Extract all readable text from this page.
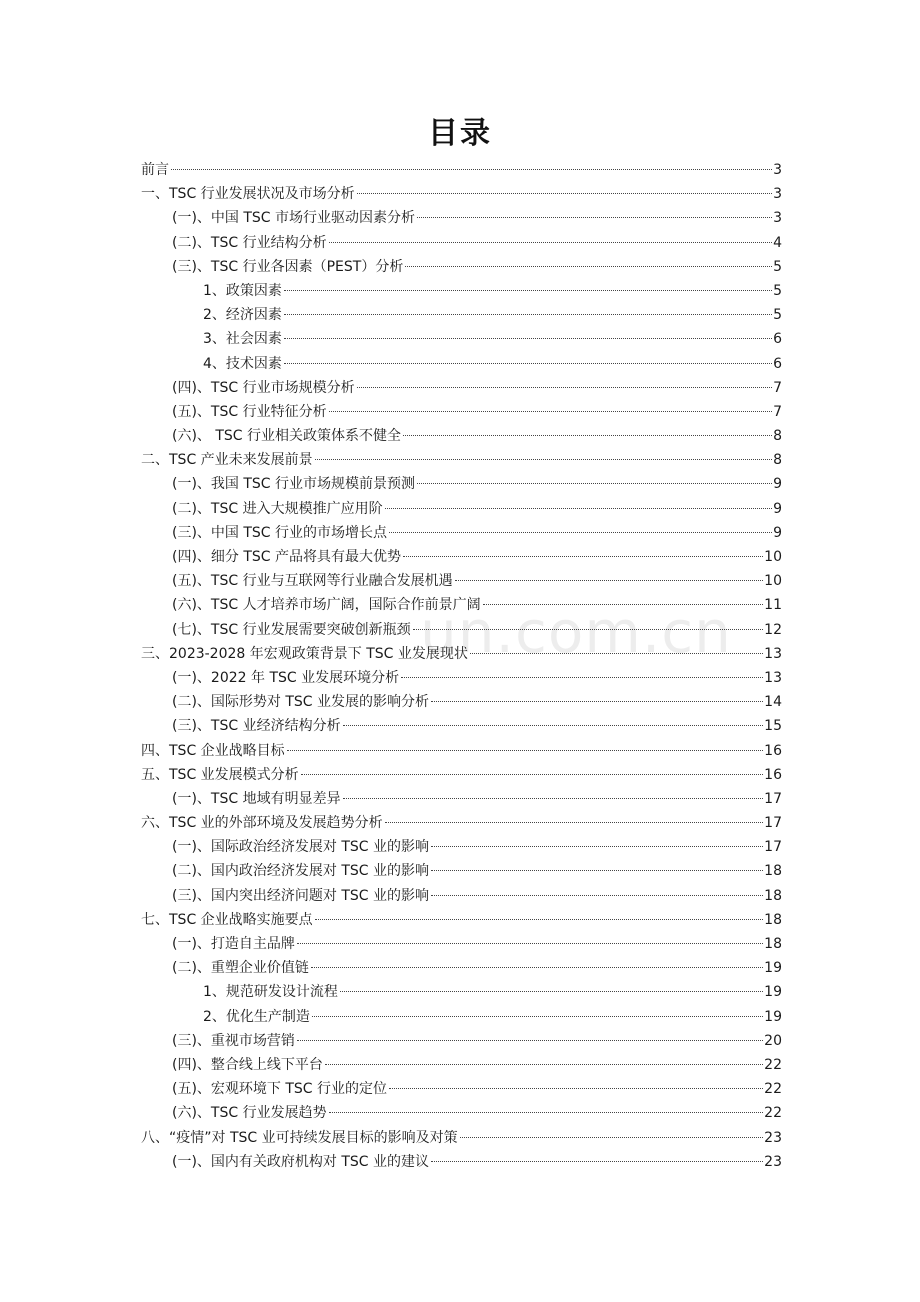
目录
前言	3
一、TSC 行业发展状况及市场分析	3
(一)、中国 TSC 市场行业驱动因素分析	3
(二)、TSC 行业结构分析	4
(三)、TSC 行业各因素（PEST）分析	5
1、政策因素	5
2、经济因素	5
3、社会因素	6
4、技术因素	6
(四)、TSC 行业市场规模分析	7
(五)、TSC 行业特征分析	7
(六)、 TSC 行业相关政策体系不健全	8
二、TSC 产业未来发展前景	8
(一)、我国 TSC 行业市场规模前景预测	9
(二)、TSC 进入大规模推广应用阶	9
(三)、中国 TSC 行业的市场增长点	9
(四)、细分 TSC 产品将具有最大优势	10
(五)、TSC 行业与互联网等行业融合发展机遇	10
(六)、TSC 人才培养市场广阔，国际合作前景广阔	11
(七)、TSC 行业发展需要突破创新瓶颈	12
三、2023-2028 年宏观政策背景下 TSC 业发展现状	13
(一)、2022 年 TSC 业发展环境分析	13
(二)、国际形势对 TSC 业发展的影响分析	14
(三)、TSC 业经济结构分析	15
四、TSC 企业战略目标	16
五、TSC 业发展模式分析	16
(一)、TSC 地域有明显差异	17
六、TSC 业的外部环境及发展趋势分析	17
(一)、国际政治经济发展对 TSC 业的影响	17
(二)、国内政治经济发展对 TSC 业的影响	18
(三)、国内突出经济问题对 TSC 业的影响	18
七、TSC 企业战略实施要点	18
(一)、打造自主品牌	18
(二)、重塑企业价值链	19
1、规范研发设计流程	19
2、优化生产制造	19
(三)、重视市场营销	20
(四)、整合线上线下平台	22
(五)、宏观环境下 TSC 行业的定位	22
(六)、TSC 行业发展趋势	22
八、“疫情”对 TSC 业可持续发展目标的影响及对策	23
(一)、国内有关政府机构对 TSC 业的建议	23
un.com.cn
